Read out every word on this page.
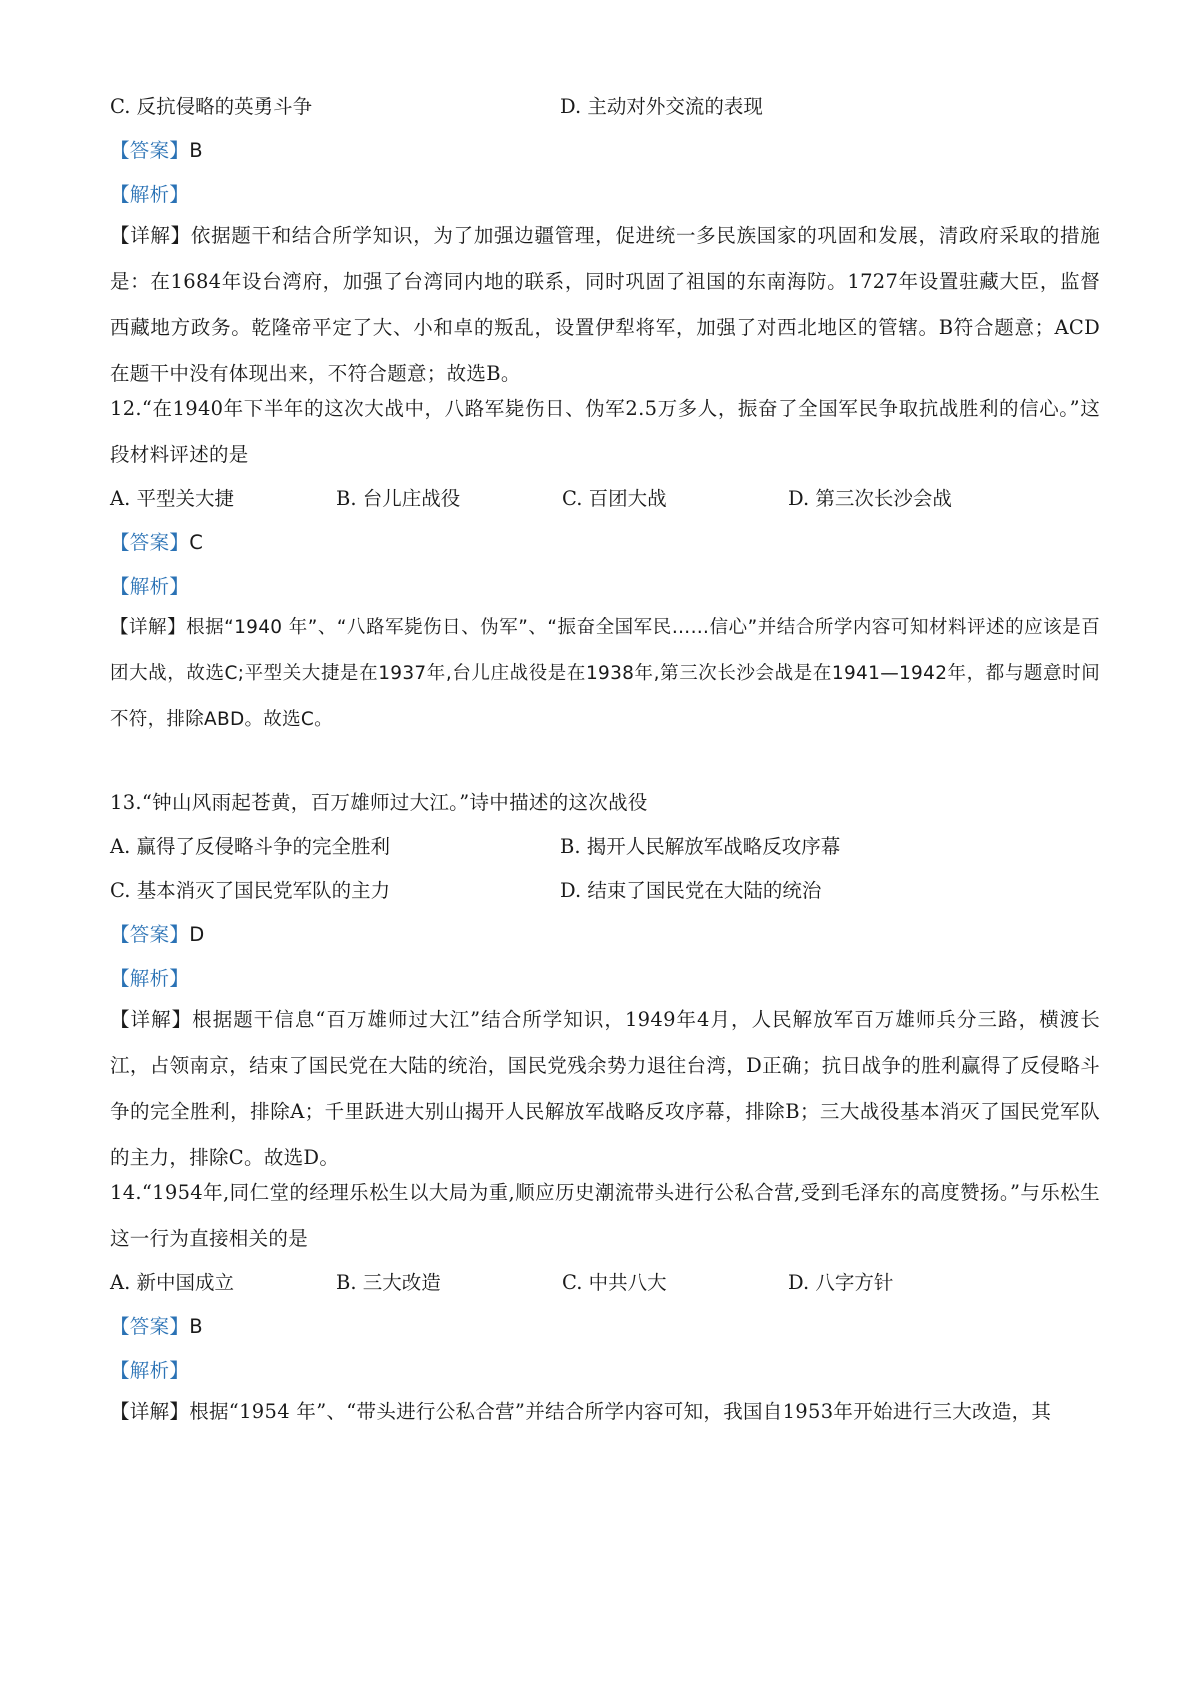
C. 反抗侵略的英勇斗争	D. 主动对外交流的表现
【答案】B
【解析】
【详解】依据题干和结合所学知识，为了加强边疆管理，促进统一多民族国家的巩固和发展，清政府采取的措施是：在1684年设台湾府，加强了台湾同内地的联系，同时巩固了祖国的东南海防。1727年设置驻藏大臣，监督西藏地方政务。乾隆帝平定了大、小和卓的叛乱，设置伊犁将军，加强了对西北地区的管辖。B符合题意；ACD在题干中没有体现出来，不符合题意；故选B。
12.“在1940年下半年的这次大战中，八路军毙伤日、伪军2.5万多人，振奋了全国军民争取抗战胜利的信心。”这段材料评述的是
A. 平型关大捷	B. 台儿庄战役	C. 百团大战	D. 第三次长沙会战
【答案】C
【解析】
【详解】根据“1940 年”、“八路军毙伤日、伪军”、“振奋全国军民……信心”并结合所学内容可知材料评述的应该是百团大战，故选C;平型关大捷是在1937年,台儿庄战役是在1938年,第三次长沙会战是在1941—1942年，都与题意时间不符，排除ABD。故选C。
13.“钟山风雨起苍黄，百万雄师过大江。”诗中描述的这次战役
A. 赢得了反侵略斗争的完全胜利	B. 揭开人民解放军战略反攻序幕
C. 基本消灭了国民党军队的主力	D. 结束了国民党在大陆的统治
【答案】D
【解析】
【详解】根据题干信息“百万雄师过大江”结合所学知识，1949年4月，人民解放军百万雄师兵分三路，横渡长江，占领南京，结束了国民党在大陆的统治，国民党残余势力退往台湾，D正确；抗日战争的胜利赢得了反侵略斗争的完全胜利，排除A；千里跃进大别山揭开人民解放军战略反攻序幕，排除B；三大战役基本消灭了国民党军队的主力，排除C。故选D。
14.“1954年,同仁堂的经理乐松生以大局为重,顺应历史潮流带头进行公私合营,受到毛泽东的高度赞扬。”与乐松生这一行为直接相关的是
A. 新中国成立	B. 三大改造	C. 中共八大	D. 八字方针
【答案】B
【解析】
【详解】根据“1954 年”、“带头进行公私合营”并结合所学内容可知，我国自1953年开始进行三大改造，其
